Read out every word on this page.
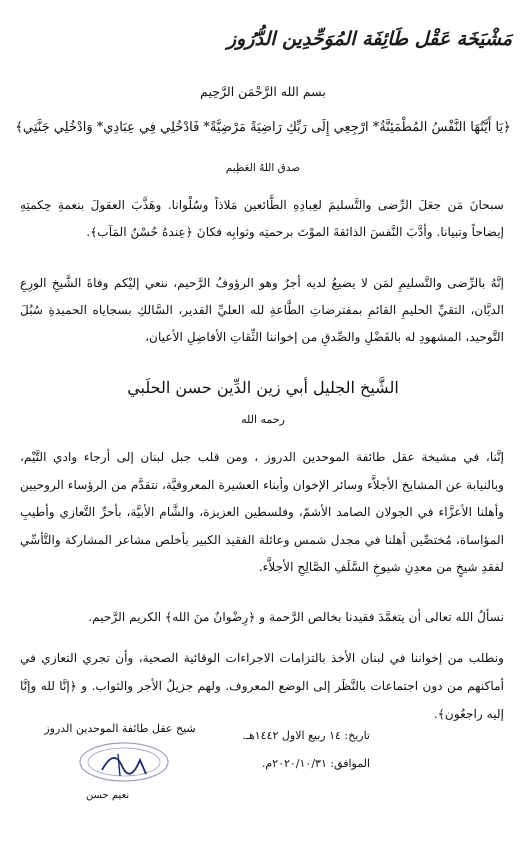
مَشْيَخَة عَقْل طَائِفَة المُوَحِّدِين الدُّرُوز
بسم الله الرَّحْمَن الرَّحِيم
﴿يَا أَيَّتُهَا النَّفْسُ المُطْمَئِنَّةُ* ارْجِعِي إِلَى رَبِّكِ رَاضِيَةً مَرْضِيَّةً* فَادْخُلِي فِي عِبَادِي* وَادْخُلِي جَنَّتِي﴾
صدق اللهُ العَظِيم
سبحانَ مَن جعَلَ الرِّضى والتَّسليمَ لعِبادِهِ الطَّائعين مَلاذاً وسُلْوانا. وهَذَّبَ العقولَ بنعمةِ حِكمتِهِ إيضاحاً وتبيانا. وأدَّبَ النَّفسَ الذائقةَ الموْتَ برحمتِه وثوابِه فكانَ ﴿عِندهُ حُسْنُ المَآب﴾.
إنَّهُ بالرِّضى والتَّسليمِ لمَن لا يضيعُ لديه أجرٌ وهو الرؤوفُ الرَّحيم، ننعي إليْكم وفاةَ الشَّيخِ الورِعِ الديَّان، التقيِّ الحليمِ القائمِ بمفترضاتِ الطَّاعةِ لله العليِّ القدير، السَّالكِ بسجاياه الحميدةِ سُبُلَ التَّوحيد، المشهودِ له بالفَضْلِ والصِّدقِ من إخواننا الثِّقاتِ الأفاضِلِ الأعيان،
الشَّيخ الجليل أبي زين الدِّين حسن الحلَبي
رحمه الله
إنَّنا، في مشيخة عقل طائفة الموحدين الدروز ، ومن قلب جبل لبنان إلى أرجاء وادي التَّيْم، وبالنيابة عن المشايخ الأجلاَّء وسائر الإخوان وأبناء العشيرة المعروفيَّة، نتقدَّم من الرؤساء الروحيين وأهلنا الأعزَّاء في الجولان الصامد الأشمّ، وفلسطين العزيزة، والشَّام الأبيَّة، بأحرِّ التَّعازي وأطيبِ المؤاساة، مُختصِّين أهلنا في مجدل شمس وعائلة الفقيد الكبير بأخلص مشاعر المشاركة والتَّأسِّي لفقدِ شيخٍ من معدِنِ شيوخِ السَّلَفِ الصَّالِحِ الأجلاَّء.
نسألُ الله تعالى أن يتغمَّدَ فقيدنا بخالص الرَّحمة و ﴿رِضْوانٌ منَ الله﴾ الكريم الرَّحيم.
ونطلب من إخواننا في لبنان الأخذ بالتزامات الاجراءات الوقائية الصحية، وأن تجري التعازي في أماكنهم من دون اجتماعات بالنَّظَر إلى الوضع المعروف. ولهم جزيلُ الأجر والثواب. و ﴿إنَّا لله وإنَّا إليه راجعُون﴾.
تاريخ: ١٤ ربيع الاول ١٤٤٢هـ.
الموافق: ٢٠٢٠/١٠/٣١م.
شيخ عقل طائفة الموحدين الدروز
نعيم حسن
